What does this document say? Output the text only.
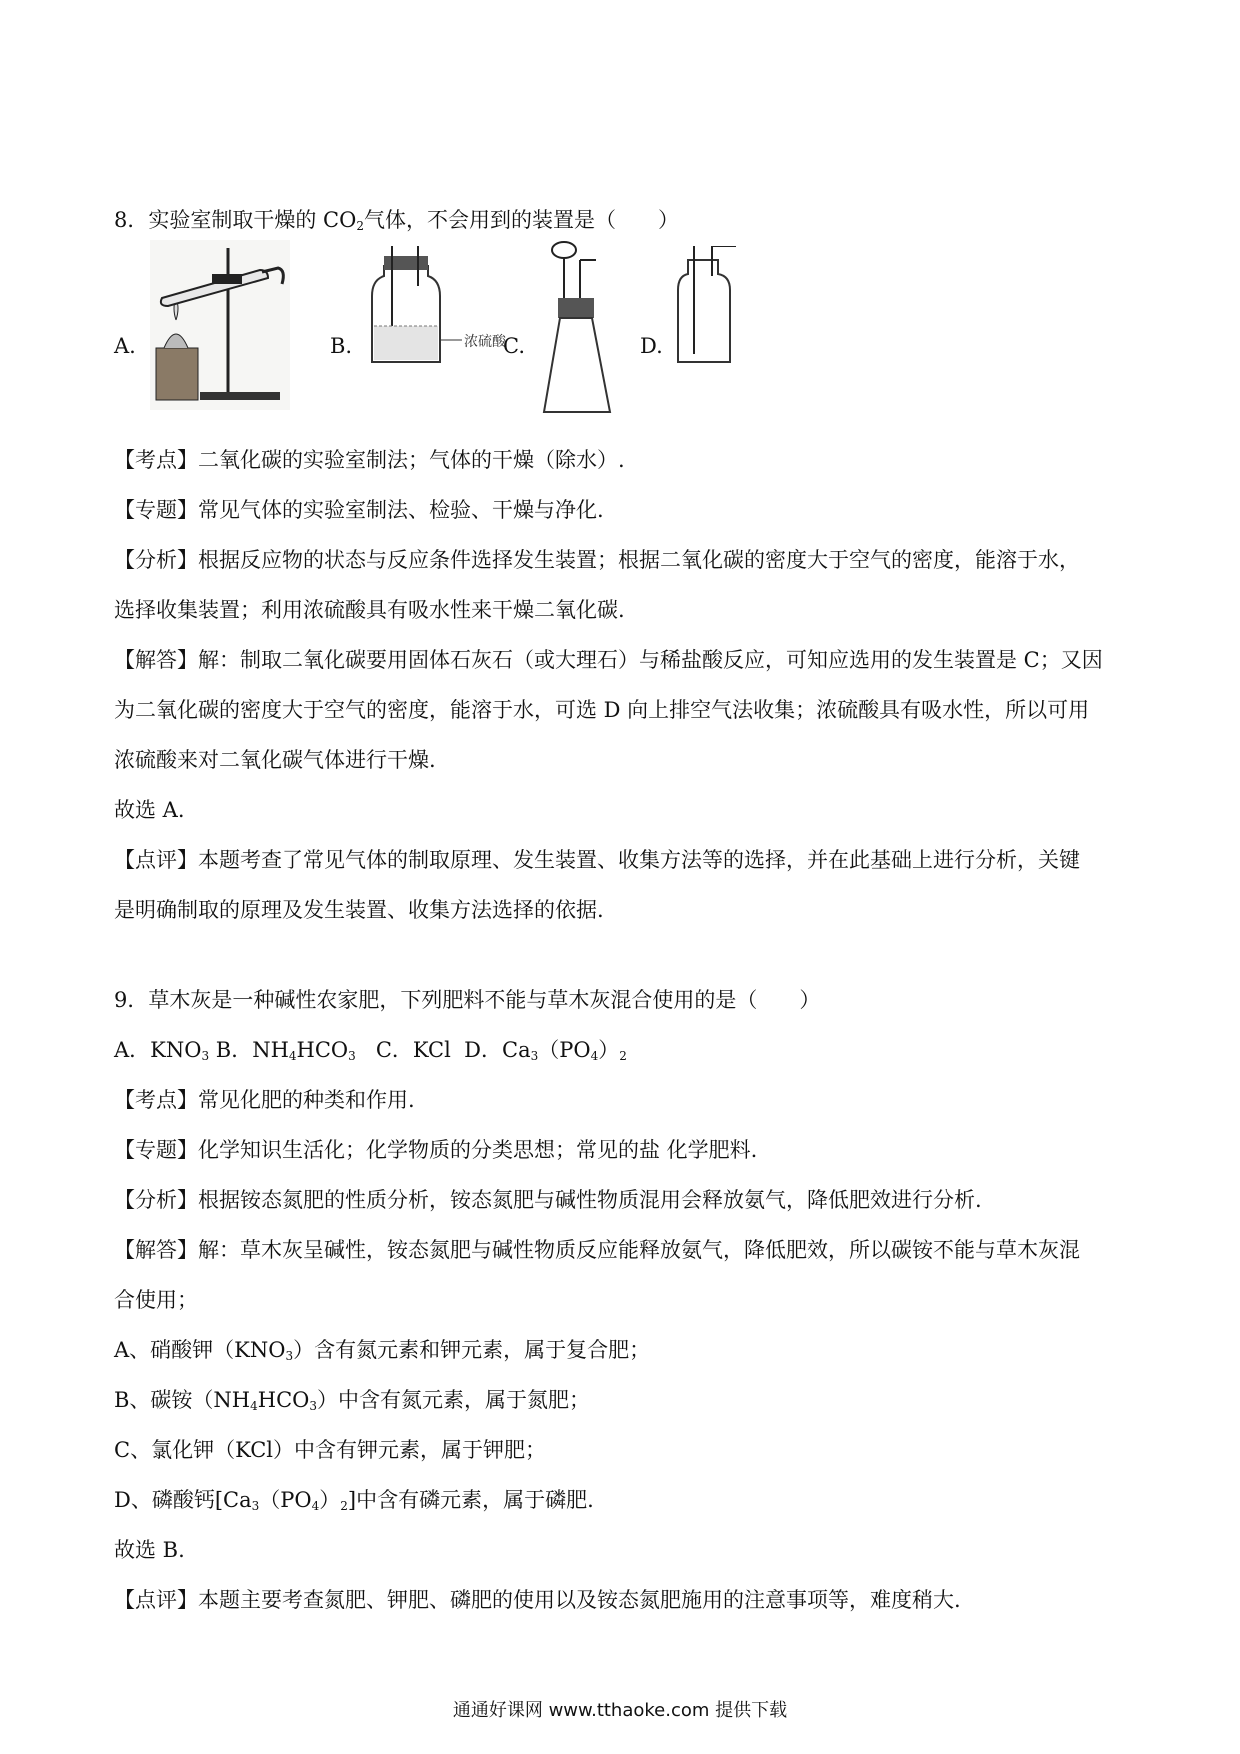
8．实验室制取干燥的 $CO_2$气体，不会用到的装置是（　　）
A.	B.	浓硫酸
C.	D.
【考点】二氧化碳的实验室制法；气体的干燥（除水）.
【专题】常见气体的实验室制法、检验、干燥与净化.
【分析】根据反应物的状态与反应条件选择发生装置；根据二氧化碳的密度大于空气的密度，能溶于水，
选择收集装置；利用浓硫酸具有吸水性来干燥二氧化碳.
【解答】解：制取二氧化碳要用固体石灰石（或大理石）与稀盐酸反应，可知应选用的发生装置是 C；又因
为二氧化碳的密度大于空气的密度，能溶于水，可选 D 向上排空气法收集；浓硫酸具有吸水性，所以可用
浓硫酸来对二氧化碳气体进行干燥.
故选 A.
【点评】本题考查了常见气体的制取原理、发生装置、收集方法等的选择，并在此基础上进行分析，关键
是明确制取的原理及发生装置、收集方法选择的依据.
9．草木灰是一种碱性农家肥，下列肥料不能与草木灰混合使用的是（　　）
A．$KNO_3$ B．$NH_4HCO_3$ C．KCl D．$Ca_3(PO_4)_2$
【考点】常见化肥的种类和作用.
【专题】化学知识生活化；化学物质的分类思想；常见的盐 化学肥料.
【分析】根据铵态氮肥的性质分析，铵态氮肥与碱性物质混用会释放氨气，降低肥效进行分析.
【解答】解：草木灰呈碱性，铵态氮肥与碱性物质反应能释放氨气，降低肥效，所以碳铵不能与草木灰混
合使用；
A、硝酸钾$(KNO_3)$含有氮元素和钾元素，属于复合肥；
B、碳铵$(NH_4HCO_3)$中含有氮元素，属于氮肥；
C、氯化钾（KCl）中含有钾元素，属于钾肥；
D、磷酸钙$[Ca_3(PO_4)_2]$中含有磷元素，属于磷肥.
故选 B.
【点评】本题主要考查氮肥、钾肥、磷肥的使用以及铵态氮肥施用的注意事项等，难度稍大.
通通好课网 www.tthaoke.com 提供下载
